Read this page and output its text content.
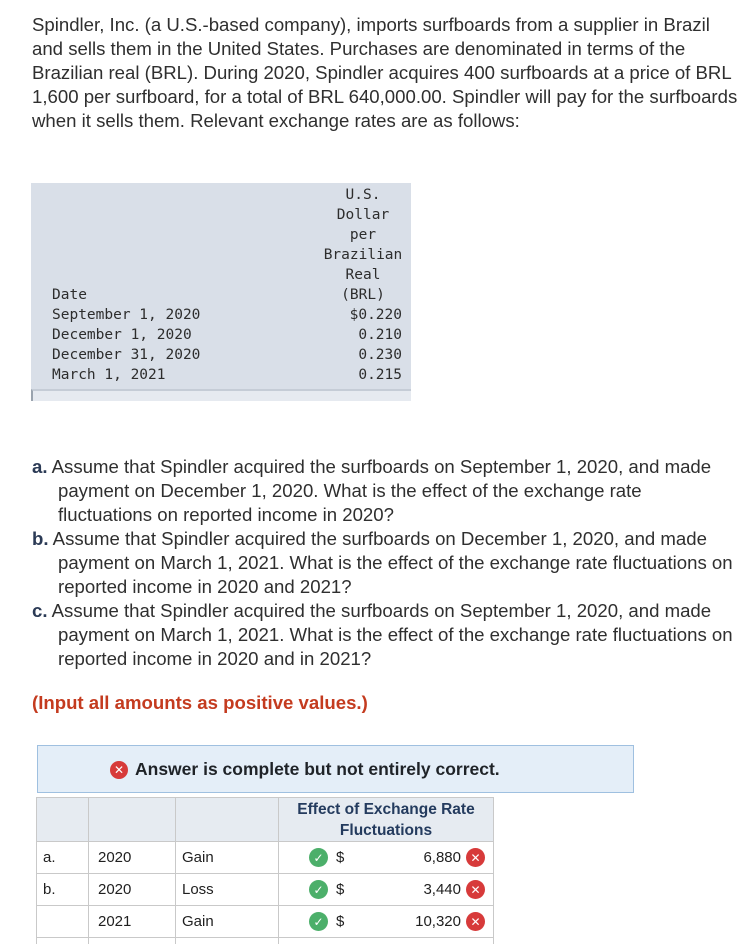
Spindler, Inc. (a U.S.-based company), imports surfboards from a supplier in Brazil and sells them in the United States. Purchases are denominated in terms of the Brazilian real (BRL). During 2020, Spindler acquires 400 surfboards at a price of BRL 1,600 per surfboard, for a total of BRL 640,000.00. Spindler will pay for the surfboards when it sells them. Relevant exchange rates are as follows:

U.S.
Dollar
per
Brazilian
Real
(BRL)
Date
September 1, 2020	$0.220
December 1, 2020	0.210
December 31, 2020	0.230
March 1, 2021	0.215
a. Assume that Spindler acquired the surfboards on September 1, 2020, and made payment on December 1, 2020. What is the effect of the exchange rate fluctuations on reported income in 2020?
b. Assume that Spindler acquired the surfboards on December 1, 2020, and made payment on March 1, 2021. What is the effect of the exchange rate fluctuations on reported income in 2020 and 2021?
c. Assume that Spindler acquired the surfboards on September 1, 2020, and made payment on March 1, 2021. What is the effect of the exchange rate fluctuations on reported income in 2020 and in 2021?
(Input all amounts as positive values.)
✕ Answer is complete but not entirely correct.
			Effect of Exchange Rate Fluctuations
a.	2020	Gain	✓ $ 6,880 ✕

b.	2020	Loss	✓ $ 3,440 ✕

	2021	Gain	✓ $ 10,320 ✕
